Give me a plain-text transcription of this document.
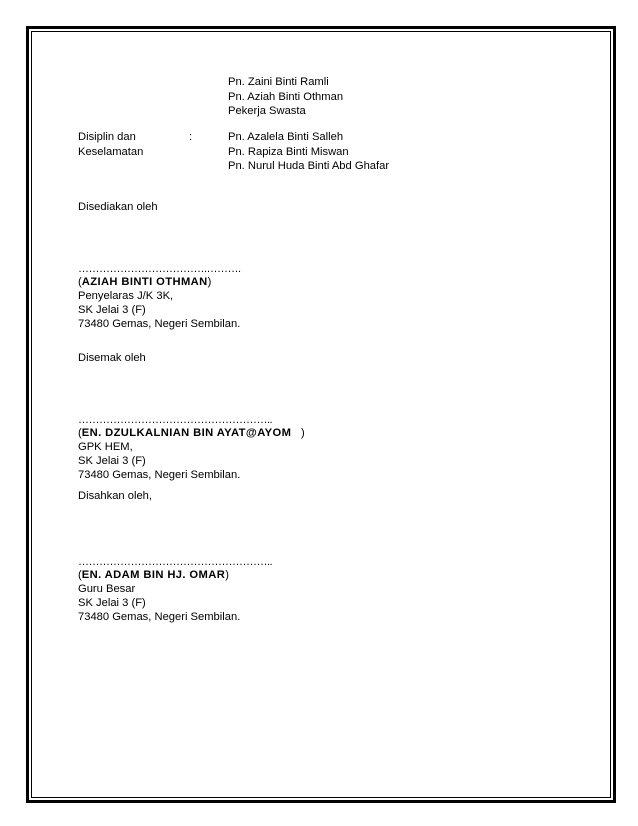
Pn. Zaini Binti Ramli
Pn. Aziah Binti Othman
Pekerja Swasta
Disiplin dan
Keselamatan
:	Pn. Azalela Binti Salleh
Pn. Rapiza Binti Miswan
Pn. Nurul Huda Binti Abd Ghafar
Disediakan oleh
……………………………….……….
(AZIAH BINTI OTHMAN)
Penyelaras J/K 3K,
SK Jelai 3 (F)
73480 Gemas, Negeri Sembilan.
Disemak oleh
………………………………………………..
(EN. DZULKALNIAN BIN AYAT@AYOM )
GPK HEM,
SK Jelai 3 (F)
73480 Gemas, Negeri Sembilan.
Disahkan oleh,
………………………………………………..
(EN. ADAM BIN HJ. OMAR)
Guru Besar
SK Jelai 3 (F)
73480 Gemas, Negeri Sembilan.
